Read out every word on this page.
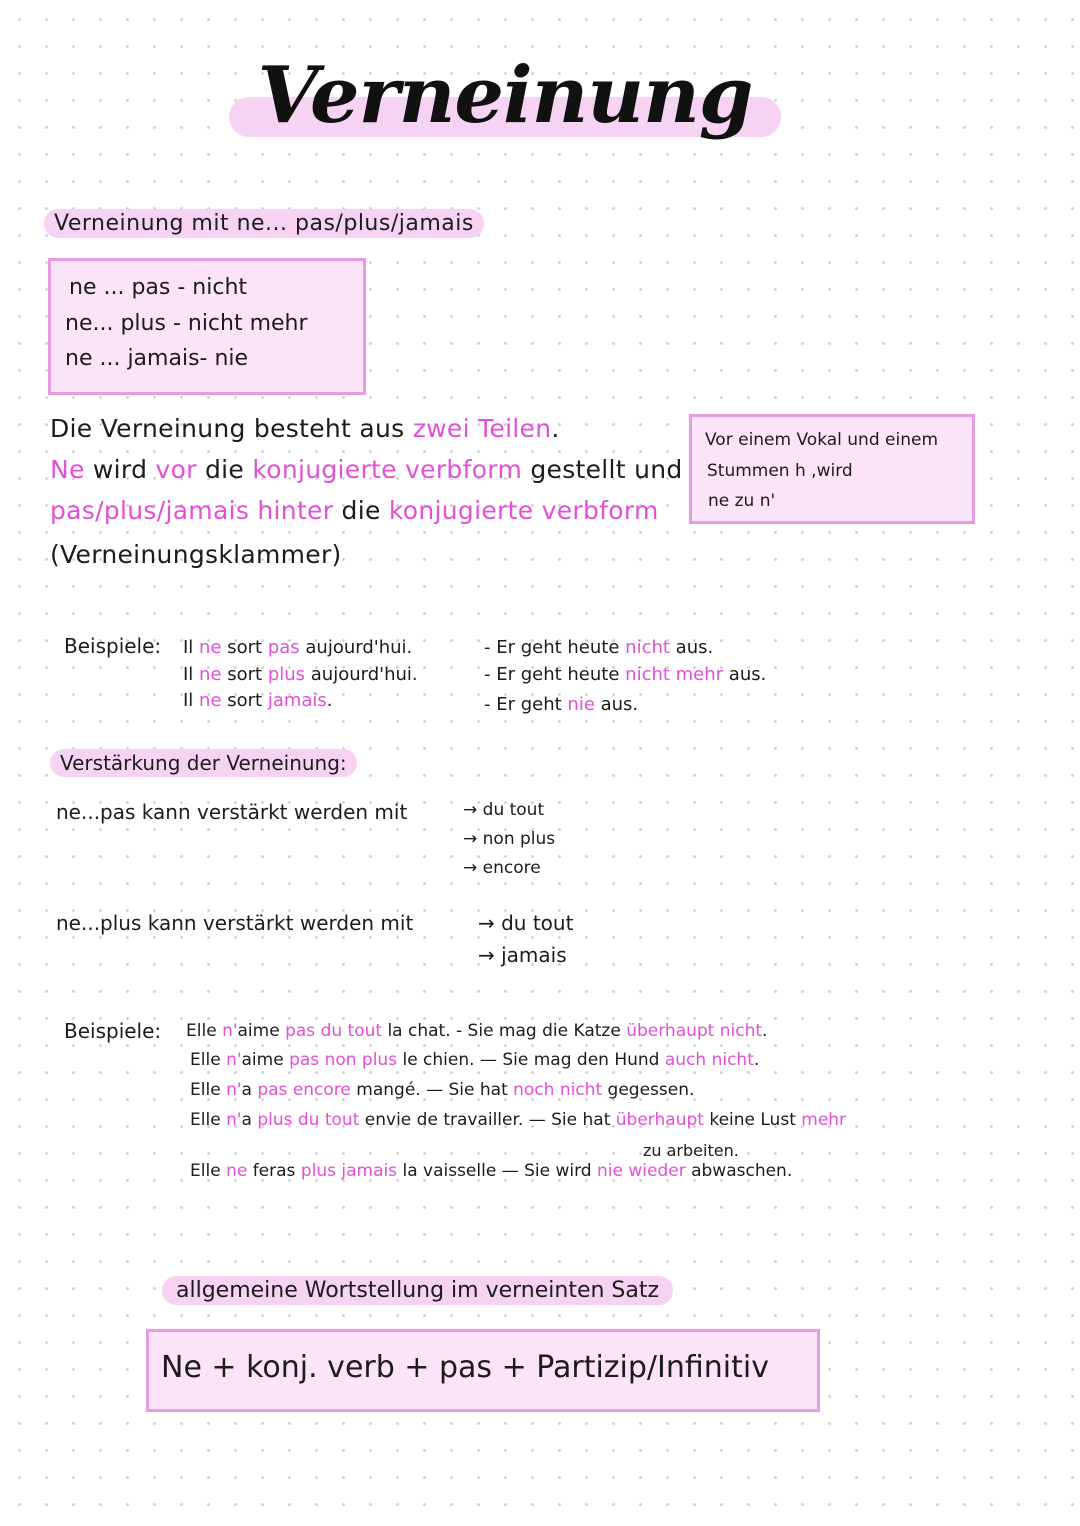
Verneinung
Verneinung mit ne... pas/plus/jamais
ne ... pas - nicht
ne... plus - nicht mehr
ne ... jamais- nie
Die Verneinung besteht aus zwei Teilen.
Ne wird vor die konjugierte verbform gestellt und
pas/plus/jamais hinter die konjugierte verbform
(Verneinungsklammer)
Vor einem Vokal und einem
Stummen h ,wird
ne zu n'
Beispiele: Il ne sort pas aujourd'hui.
Il ne sort plus aujourd'hui.
Il ne sort jamais.
- Er geht heute nicht aus.
- Er geht heute nicht mehr aus.
- Er geht nie aus.
Verstärkung der Verneinung:
ne...pas kann verstärkt werden mit	→ du tout
→ non plus
→ encore
ne...plus kann verstärkt werden mit	→ du tout
→ jamais
Beispiele: Elle n'aime pas du tout la chat. - Sie mag die Katze überhaupt nicht.
Elle n'aime pas non plus le chien. — Sie mag den Hund auch nicht.
Elle n'a pas encore mangé. — Sie hat noch nicht gegessen.
Elle n'a plus du tout envie de travailler. — Sie hat überhaupt keine Lust mehr
zu arbeiten.
Elle ne feras plus jamais la vaisselle — Sie wird nie wieder abwaschen.
allgemeine Wortstellung im verneinten Satz
Ne + konj. verb + pas + Partizip/Infinitiv
